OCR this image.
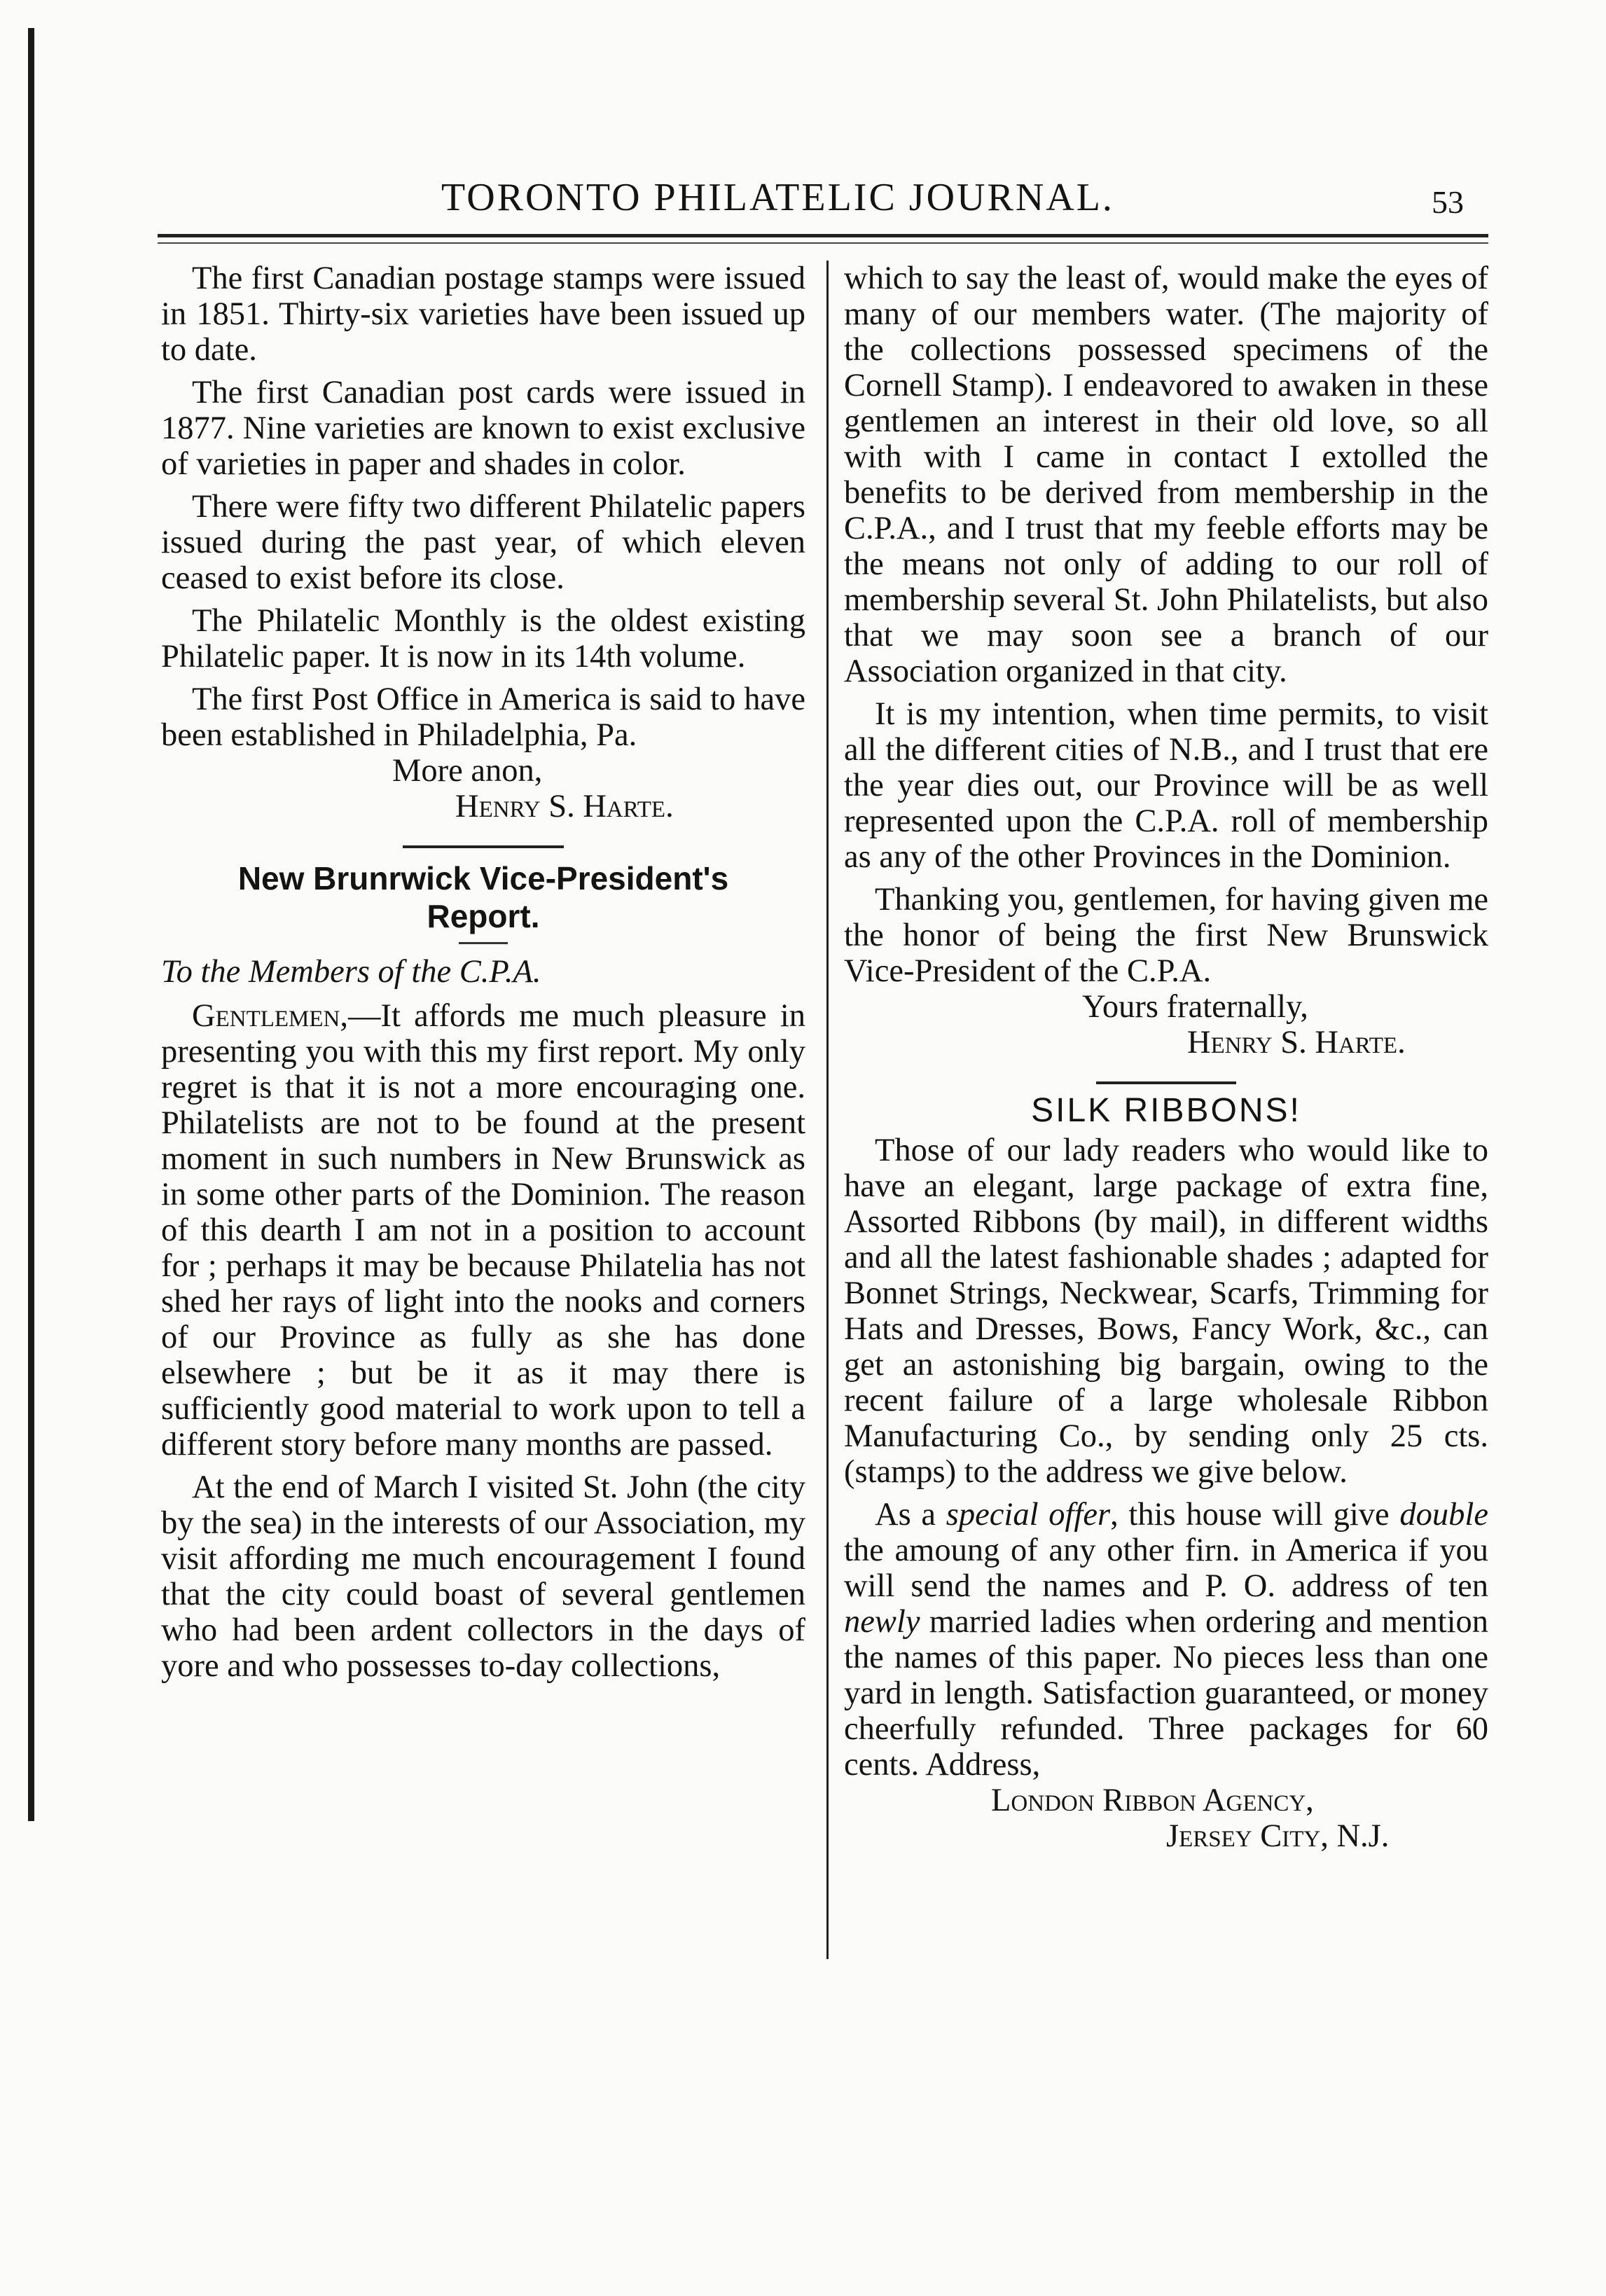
TORONTO PHILATELIC JOURNAL.	53

The first Canadian postage stamps were issued in 1851. Thirty-six varieties have been issued up to date.

The first Canadian post cards were issued in 1877. Nine varieties are known to exist exclusive of varieties in paper and shades in color.

There were fifty two different Philatelic papers issued during the past year, of which eleven ceased to exist before its close.

The Philatelic Monthly is the oldest existing Philatelic paper. It is now in its 14th volume.

The first Post Office in America is said to have been established in Philadelphia, Pa.

More anon,

Henry S. Harte.

New Brunrwick Vice-President's
Report.

To the Members of the C.P.A.

Gentlemen,—It affords me much pleasure in presenting you with this my first report. My only regret is that it is not a more encouraging one. Philatelists are not to be found at the present moment in such numbers in New Brunswick as in some other parts of the Dominion. The reason of this dearth I am not in a position to account for ; perhaps it may be because Philatelia has not shed her rays of light into the nooks and corners of our Province as fully as she has done elsewhere ; but be it as it may there is sufficiently good material to work upon to tell a different story before many months are passed.

At the end of March I visited St. John (the city by the sea) in the interests of our Association, my visit affording me much encouragement I found that the city could boast of several gentlemen who had been ardent collectors in the days of yore and who possesses to-day collections,

which to say the least of, would make the eyes of many of our members water. (The majority of the collections possessed specimens of the Cornell Stamp). I endeavored to awaken in these gentlemen an interest in their old love, so all with with I came in contact I extolled the benefits to be derived from membership in the C.P.A., and I trust that my feeble efforts may be the means not only of adding to our roll of membership several St. John Philatelists, but also that we may soon see a branch of our Association organized in that city.

It is my intention, when time permits, to visit all the different cities of N.B., and I trust that ere the year dies out, our Province will be as well represented upon the C.P.A. roll of membership as any of the other Provinces in the Dominion.

Thanking you, gentlemen, for having given me the honor of being the first New Brunswick Vice-President of the C.P.A.

Yours fraternally,

Henry S. Harte.

SILK RIBBONS!

Those of our lady readers who would like to have an elegant, large package of extra fine, Assorted Ribbons (by mail), in different widths and all the latest fashionable shades ; adapted for Bonnet Strings, Neckwear, Scarfs, Trimming for Hats and Dresses, Bows, Fancy Work, &c., can get an astonishing big bargain, owing to the recent failure of a large wholesale Ribbon Manufacturing Co., by sending only 25 cts. (stamps) to the address we give below.

As a special offer, this house will give double the amoung of any other firn. in America if you will send the names and P. O. address of ten newly married ladies when ordering and mention the names of this paper. No pieces less than one yard in length. Satisfaction guaranteed, or money cheerfully refunded. Three packages for 60 cents. Address,

London Ribbon Agency,

Jersey City, N.J.
